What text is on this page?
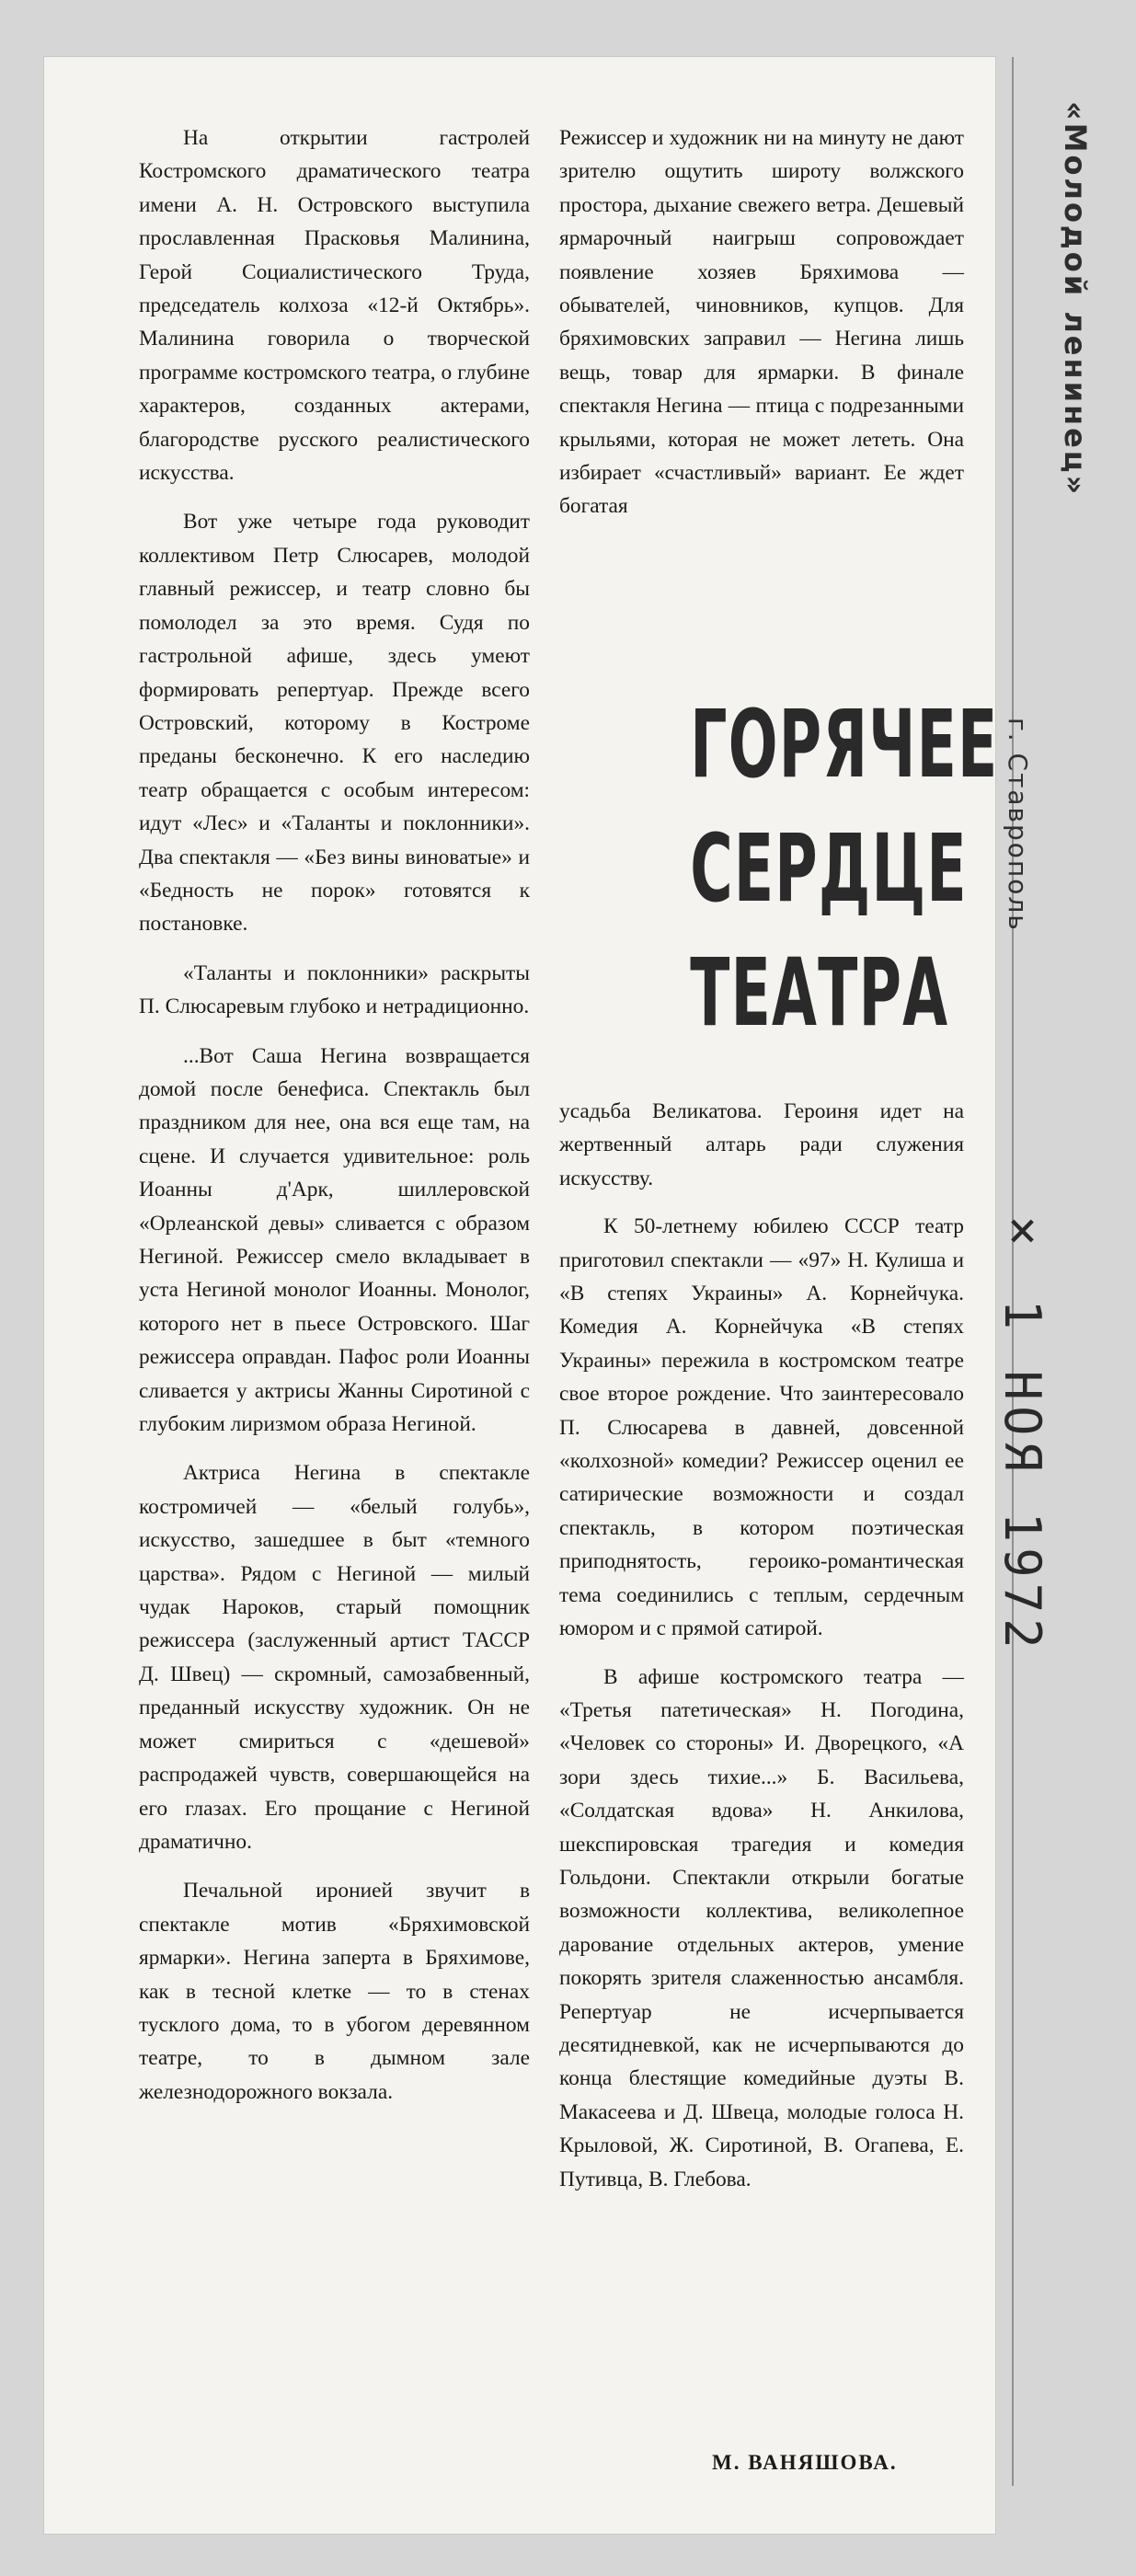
На открытии гастролей Костромского драматического театра имени А. Н. Островского выступила прославленная Прасковья Малинина, Герой Социалистического Труда, председатель колхоза «12-й Октябрь». Малинина говорила о творческой программе костромского театра, о глубине характеров, созданных актерами, благородстве русского реалистического искусства.

Вот уже четыре года руководит коллективом Петр Слюсарев, молодой главный режиссер, и театр словно бы помолодел за это время. Судя по гастрольной афише, здесь умеют формировать репертуар. Прежде всего Островский, которому в Костроме преданы бесконечно. К его наследию театр обращается с особым интересом: идут «Лес» и «Таланты и поклонники». Два спектакля — «Без вины виноватые» и «Бедность не порок» готовятся к постановке.

«Таланты и поклонники» раскрыты П. Слюсаревым глубоко и нетрадиционно.

...Вот Саша Негина возвращается домой после бенефиса. Спектакль был праздником для нее, она вся еще там, на сцене. И случается удивительное: роль Иоанны д'Арк, шиллеровской «Орлеанской девы» сливается с образом Негиной. Режиссер смело вкладывает в уста Негиной монолог Иоанны. Монолог, которого нет в пьесе Островского. Шаг режиссера оправдан. Пафос роли Иоанны сливается у актрисы Жанны Сиротиной с глубоким лиризмом образа Негиной.

Актриса Негина в спектакле костромичей — «белый голубь», искусство, зашедшее в быт «темного царства». Рядом с Негиной — милый чудак Нароков, старый помощник режиссера (заслуженный артист ТАССР Д. Швец) — скромный, самозабвенный, преданный искусству художник. Он не может смириться с «дешевой» распродажей чувств, совершающейся на его глазах. Его прощание с Негиной драматично.

Печальной иронией звучит в спектакле мотив «Бряхимовской ярмарки». Негина заперта в Бряхимове, как в тесной клетке — то в стенах тусклого дома, то в убогом деревянном театре, то в дымном зале железнодорожного вокзала.

Режиссер и художник ни на минуту не дают зрителю ощутить широту волжского простора, дыхание свежего ветра. Дешевый ярмарочный наигрыш сопровождает появление хозяев Бряхимова — обывателей, чиновников, купцов. Для бряхимовских заправил — Негина лишь вещь, товар для ярмарки. В финале спектакля Негина — птица с подрезанными крыльями, которая не может лететь. Она избирает «счастливый» вариант. Ее ждет богатая

ГОРЯЧЕЕ
СЕРДЦЕ
ТЕАТРА

усадьба Великатова. Героиня идет на жертвенный алтарь ради служения искусству.

К 50-летнему юбилею СССР театр приготовил спектакли — «97» Н. Кулиша и «В степях Украины» А. Корнейчука. Комедия А. Корнейчука «В степях Украины» пережила в костромском театре свое второе рождение. Что заинтересовало П. Слюсарева в давней, довсенной «колхозной» комедии? Режиссер оценил ее сатирические возможности и создал спектакль, в котором поэтическая приподнятость, героико-романтическая тема соединились с теплым, сердечным юмором и с прямой сатирой.

В афише костромского театра — «Третья патетическая» Н. Погодина, «Человек со стороны» И. Дворецкого, «А зори здесь тихие...» Б. Васильева, «Солдатская вдова» Н. Анкилова, шекспировская трагедия и комедия Гольдони. Спектакли открыли богатые возможности коллектива, великолепное дарование отдельных актеров, умение покорять зрителя слаженностью ансамбля. Репертуар не исчерпывается десятидневкой, как не исчерпываются до конца блестящие комедийные дуэты В. Макасеева и Д. Швеца, молодые голоса Н. Крыловой, Ж. Сиротиной, В. Огапева, Е. Путивца, В. Глебова.

М. ВАНЯШОВА.
«Молодой ленинец»
г. Ставрополь
× 1 НОЯ 1972
